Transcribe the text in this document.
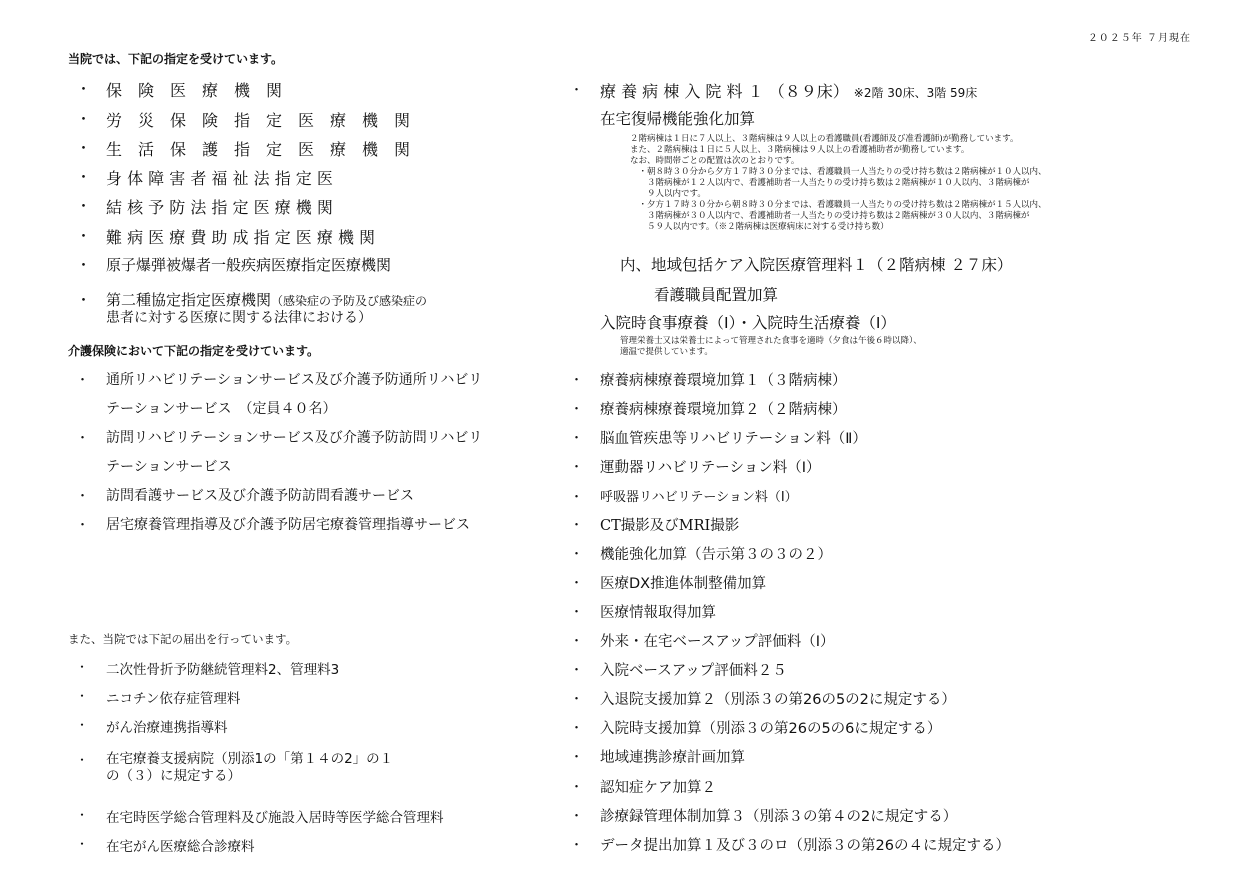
２０２５年 ７月現在
当院では、下記の指定を受けています。
・ 保　険　医　療　機　関
・ 労　災　保　険　指　定　医　療　機　関
・ 生　活　保　護　指　定　医　療　機　関
・ 身 体 障 害 者 福 祉 法 指 定 医
・ 結 核 予 防 法 指 定 医 療 機 関
・ 難 病 医 療 費 助 成 指 定 医 療 機 関
・ 原子爆弾被爆者一般疾病医療指定医療機関
・ 第二種協定指定医療機関（感染症の予防及び感染症の
患者に対する医療に関する法律における）
介護保険において下記の指定を受けています。
・ 通所リハビリテーションサービス及び介護予防通所リハビリ
テーションサービス　（定員４０名）
・ 訪問リハビリテーションサービス及び介護予防訪問リハビリ
テーションサービス
・ 訪問看護サービス及び介護予防訪問看護サービス
・ 居宅療養管理指導及び介護予防居宅療養管理指導サービス
また、当院では下記の届出を行っています。
・ 二次性骨折予防継続管理料2、管理料3
・ ニコチン依存症管理料
・ がん治療連携指導料
・ 在宅療養支援病院（別添1の「第１４の2」の１
の（３）に規定する）
・ 在宅時医学総合管理料及び施設入居時等医学総合管理料
・ 在宅がん医療総合診療料
・ 療 養 病 棟 入 院 料 １ （８９床） ※2階 30床、3階 59床
在宅復帰機能強化加算
２階病棟は１日に７人以上、３階病棟は９人以上の看護職員(看護師及び准看護師)が勤務しています。
また、２階病棟は１日に５人以上、３階病棟は９人以上の看護補助者が勤務しています。
なお、時間帯ごとの配置は次のとおりです。
　・朝８時３０分から夕方１７時３０分までは、看護職員一人当たりの受け持ち数は２階病棟が１０人以内、
　　３階病棟が１２人以内で、看護補助者一人当たりの受け持ち数は２階病棟が１０人以内、３階病棟が
　　９人以内です。
　・夕方１７時３０分から朝８時３０分までは、看護職員一人当たりの受け持ち数は２階病棟が１５人以内、
　　３階病棟が３０人以内で、看護補助者一人当たりの受け持ち数は２階病棟が３０人以内、３階病棟が
　　５９人以内です。（※２階病棟は医療病床に対する受け持ち数）
内、地域包括ケア入院医療管理料１（２階病棟 ２７床）
看護職員配置加算
入院時食事療養（Ⅰ）・入院時生活療養（Ⅰ）
管理栄養士又は栄養士によって管理された食事を適時（夕食は午後６時以降）、
適温で提供しています。
・ 療養病棟療養環境加算１（３階病棟）
・ 療養病棟療養環境加算２（２階病棟）
・ 脳血管疾患等リハビリテーション料（Ⅱ）
・ 運動器リハビリテーション料（Ⅰ）
・ 呼吸器リハビリテーション料（Ⅰ）
・ CT撮影及びMRI撮影
・ 機能強化加算（告示第３の３の２）
・ 医療DX推進体制整備加算
・ 医療情報取得加算
・ 外来・在宅ベースアップ評価料（Ⅰ）
・ 入院ベースアップ評価料２５
・ 入退院支援加算２（別添３の第26の5の2に規定する）
・ 入院時支援加算（別添３の第26の5の6に規定する）
・ 地域連携診療計画加算
・ 認知症ケア加算２
・ 診療録管理体制加算３（別添３の第４の2に規定する）
・ データ提出加算１及び３のロ（別添３の第26の４に規定する）
